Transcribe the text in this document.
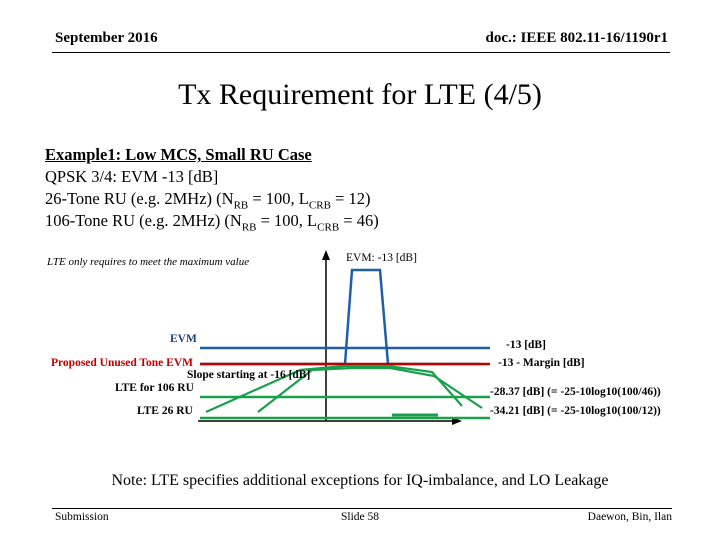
September 2016	doc.: IEEE 802.11-16/1190r1
Tx Requirement for LTE (4/5)
Example1: Low MCS, Small RU Case
QPSK 3/4: EVM -13 [dB]
26-Tone RU (e.g. 2MHz) ($N_{RB} = 100$, $L_{CRB} = 12$)
106-Tone RU (e.g. 2MHz) ($N_{RB} = 100$, $L_{CRB} = 46$)
LTE only requires to meet the maximum value	EVM: -13 [dB]
EVM
Proposed Unused Tone EVM
Slope starting at -16 [dB]
LTE for 106 RU
LTE 26 RU
-13 [dB]
-13 - Margin [dB]
-28.37 [dB] (= -25-10log10(100/46))
-34.21 [dB] (= -25-10log10(100/12))
Note: LTE specifies additional exceptions for IQ-imbalance, and LO Leakage
Submission	Slide 58	Daewon, Bin, Ilan
